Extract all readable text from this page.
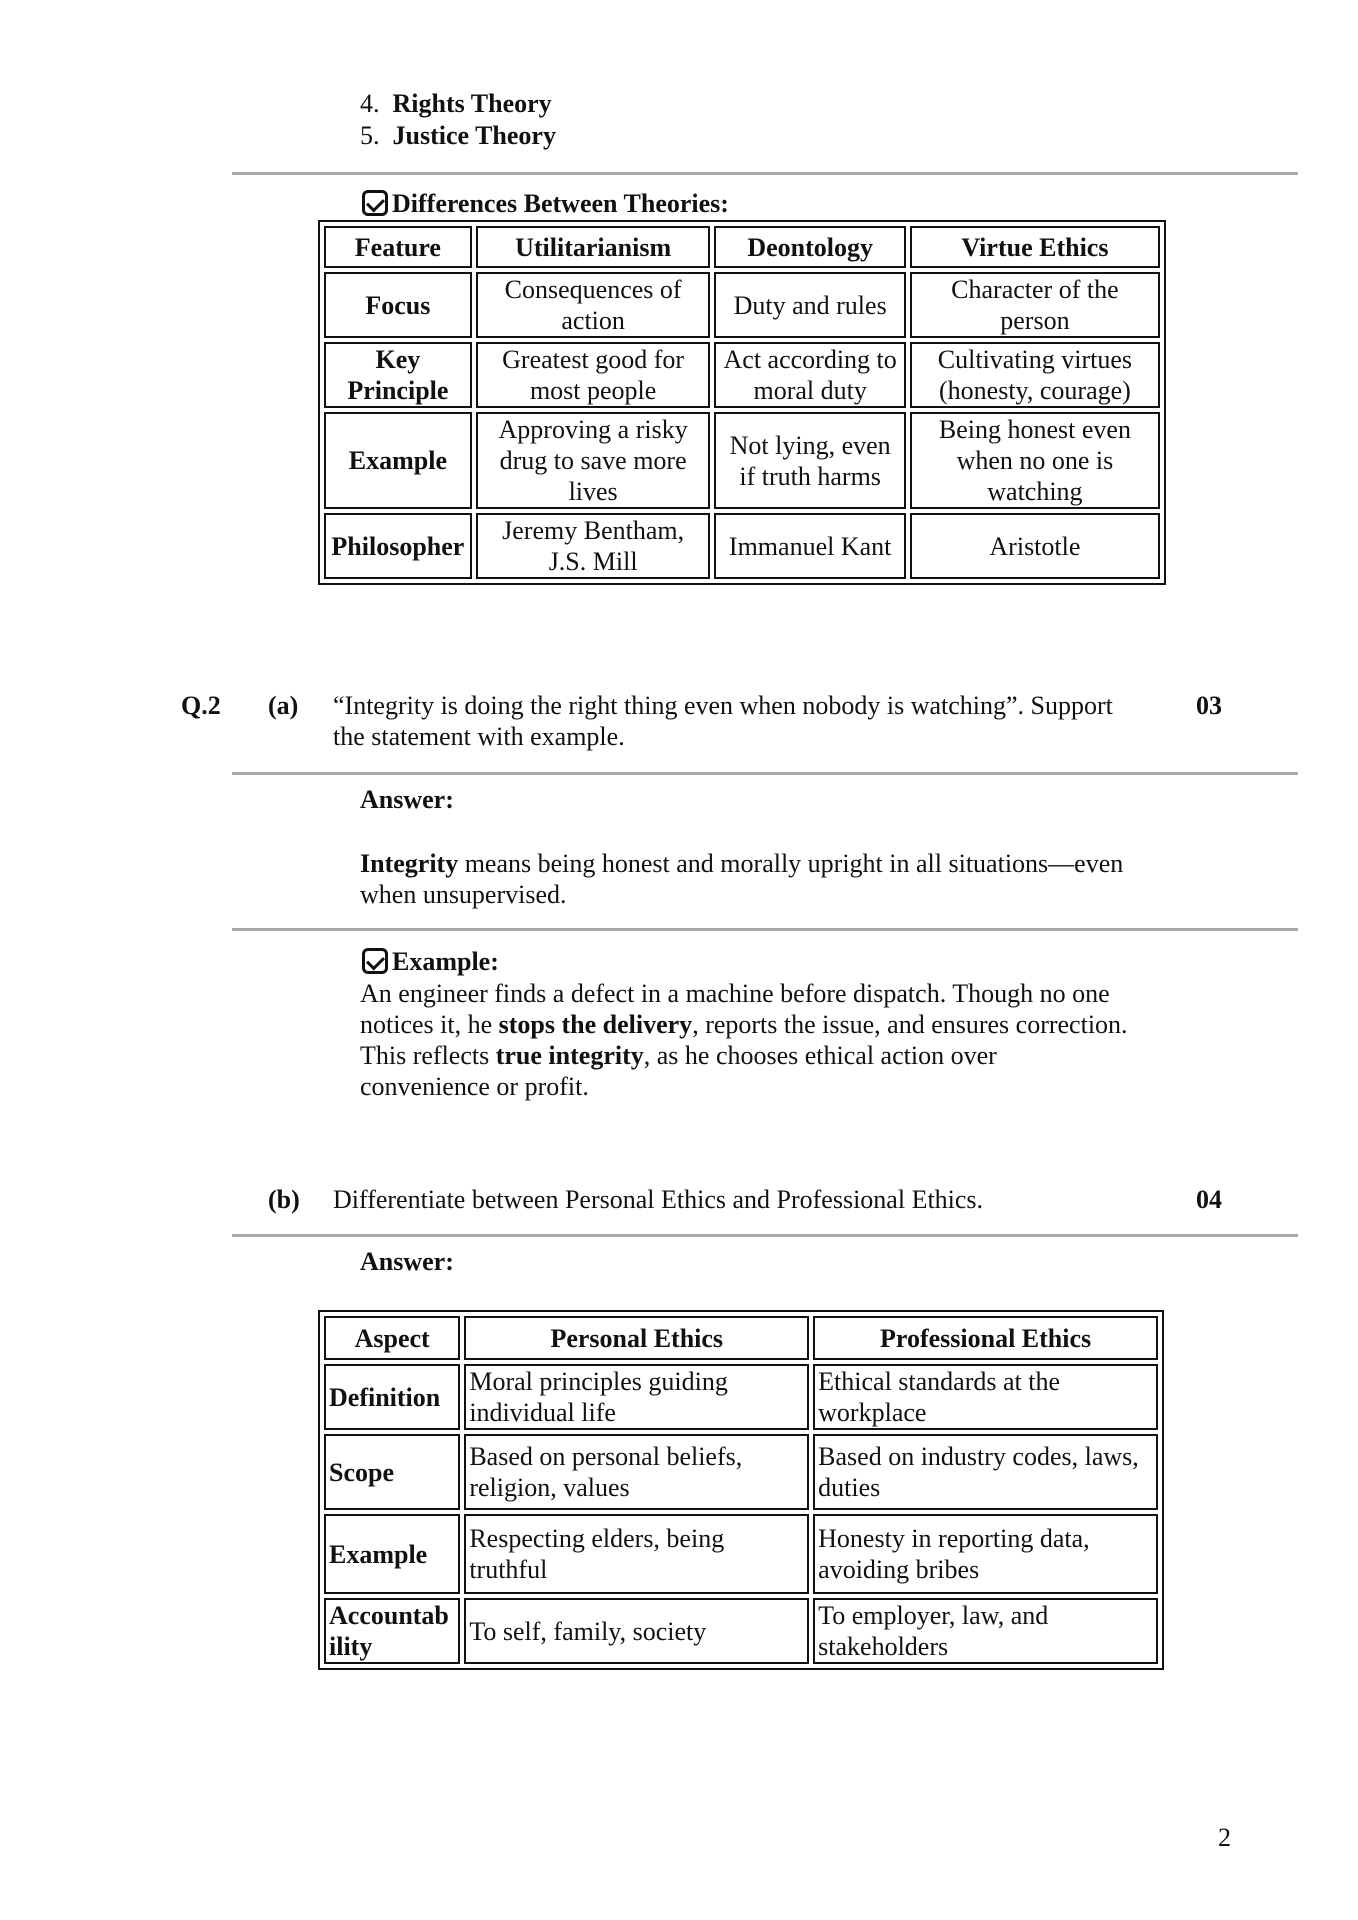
4. Rights Theory
5. Justice Theory
Differences Between Theories:
Feature	Utilitarianism	Deontology	Virtue Ethics
Focus	Consequences of action	Duty and rules	Character of the person
Key Principle	Greatest good for most people	Act according to moral duty	Cultivating virtues (honesty, courage)
Example	Approving a risky drug to save more lives	Not lying, even if truth harms	Being honest even when no one is watching
Philosopher	Jeremy Bentham, J.S. Mill	Immanuel Kant	Aristotle
Q.2 (a) “Integrity is doing the right thing even when nobody is watching”. Support
the statement with example.
03
Answer:
Integrity means being honest and morally upright in all situations—even
when unsupervised.
Example:
An engineer finds a defect in a machine before dispatch. Though no one
notices it, he stops the delivery, reports the issue, and ensures correction.
This reflects true integrity, as he chooses ethical action over
convenience or profit.
(b) Differentiate between Personal Ethics and Professional Ethics.	04
Answer:
Aspect	Personal Ethics	Professional Ethics
Definition	Moral principles guiding individual life	Ethical standards at the workplace
Scope	Based on personal beliefs, religion, values	Based on industry codes, laws, duties
Example	Respecting elders, being truthful	Honesty in reporting data, avoiding bribes
Accountability	To self, family, society	To employer, law, and stakeholders
2
